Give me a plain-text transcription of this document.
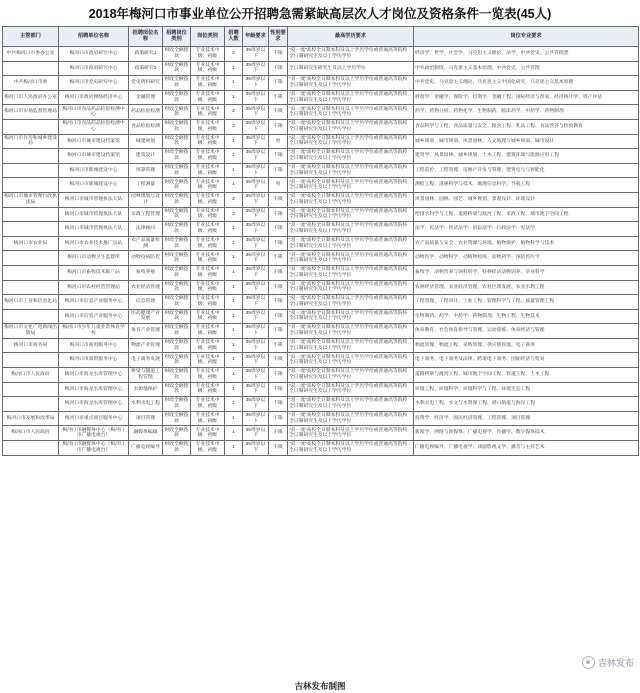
2018年梅河口市事业单位公开招聘急需紧缺高层次人才岗位及资格条件一览表(45人)
主管部门	招聘单位名称	招聘岗位名称	招聘岗位类别	岗位类别	招聘人数	年龄要求	性别要求	最高学历要求	岗位专业要求
中共梅河口市委办公室	梅河口市政府研究中心	政策研究1	财政全额拨款	专业技术中级、初级	2	35周岁以下	不限	“双一流”高校全日制本科及以上学历学位或普通高等院校全日制研究生及以上学历学位	经济学、哲学、社会学、马克思主义理论、法学、中共党史、公共管理类
	梅河口市政府研究中心	政策研究2	财政全额拨款	专业技术中级、初级	1	35周岁以下	不限	全日制研究生研究生及以上学历学位	中外政治制度、马克思主义基本原理、中共党史、公共管理
中共梅河口市委	梅河口市党史研究中心	党史资料研究	财政全额拨款	专业技术中级、初级	1	35周岁以下	不限	“双一流”高校全日制本科及以上学历学位或普通高等院校全日制研究生及以上学历学位	中共党史、马克思主义理论、马克思主义中国化研究、马克思主义基本原理
梅河口市人民政府办公室	梅河口市政府网络经济中心	金融管理	财政全额拨款	专业技术中级、初级	1	35周岁以下	不限	“双一流”高校全日制本科及以上学历学位或普通高等院校全日制研究生及以上学历学位	财政学、金融学、保险学、投资学、金融工程、国际经济与贸易、经济统计学、资产评估
梅河口市市场监督管理局	梅河口市食品药品检验检测中心	药品检验检测	财政全额拨款	专业技术中级、初级	2	35周岁以下	不限	“双一流”高校全日制本科及以上学历学位或普通高等院校全日制研究生及以上学历学位	药学、药物分析、药物化学、生物制药、临床药学、中药学、药物制剂
	梅河口市食品药品检验检测中心	食品检验检测	财政全额拨款	专业技术中级、初级	2	35周岁以下	不限	“双一流”高校全日制本科及以上学历学位或普通高等院校全日制研究生及以上学历学位	食品科学与工程、食品质量与安全、粮食工程、乳品工程、食品营养与检验教育
梅河口市住房和城乡建设局	梅河口市城市建设档案馆	城建规划	财政全额拨款	专业技术中级、初级	1	35周岁以下	男	“双一流”高校全日制本科及以上学历学位或普通高等院校全日制研究生及以上学历学位	城乡规划、城市规划、风景园林、人文地理与城乡规划、城市设计
	梅河口市城市建设档案馆	建筑设计	财政全额拨款	专业技术中级、初级	1	35周岁以下	不限	“双一流”高校全日制本科及以上学历学位或普通高等院校全日制研究生及以上学历学位	建筑学、风景园林、城乡规划、土木工程、建筑环境与能源应用工程
	梅河口市新城建设中心	预算管理	财政全额拨款	专业技术中级、初级	1	35周岁以下	不限	“双一流”高校全日制本科及以上学历学位或普通高等院校全日制研究生及以上学历学位	工程造价、工程管理、房地产开发与管理、建筑电气与智能化
	梅河口市新城建设中心	工程测量	财政全额拨款	专业技术中级、初级	1	35周岁以下	男	“双一流”高校全日制本科及以上学历学位或普通高等院校全日制研究生及以上学历学位	测绘工程、遥感科学与技术、地理信息科学、导航工程
梅河口市城市管理行政执法局	梅河口市城市管理执法大队	园林规划与设计	财政全额拨款	专业技术中级、初级	2	35周岁以下	不限	“双一流”高校全日制本科及以上学历学位或普通高等院校全日制研究生及以上学历学位	风景园林、园林、园艺、城乡规划、景观设计、环境设计
	梅河口市城市管理执法大队	市政工程管理	财政全额拨款	专业技术中级、初级	2	35周岁以下	不限	“双一流”高校全日制本科及以上学历学位或普通高等院校全日制研究生及以上学历学位	给排水科学与工程、道路桥梁与渡河工程、市政工程、城市地下空间工程
	梅河口市城市管理执法大队	法律顾问	财政全额拨款	专业技术中级、初级	1	35周岁以下	不限	“双一流”高校全日制本科及以上学历学位或普通高等院校全日制研究生及以上学历学位	法学、民法学、经济法学、诉讼法学、行政法学、宪法学
梅河口市农业局	梅河口市农业技术推广总站	农产品质量检测	财政全额拨款	专业技术中级、初级	1	35周岁以下	不限	“双一流”高校全日制本科及以上学历学位或普通高等院校全日制研究生及以上学历学位	农产品质量与安全、农业资源与环境、植物保护、植物科学与技术
	梅河口市动物卫生监督所	动物疫病防控	财政全额拨款	专业技术中级、初级	1	35周岁以下	不限	“双一流”高校全日制本科及以上学历学位或普通高等院校全日制研究生及以上学历学位	动物医学、动物科学、动植物检疫、动物药学、预防兽医学
	梅河口市畜牧技术推广站	畜牧养殖	财政全额拨款	专业技术中级、初级	1	35周岁以下	不限	“双一流”高校全日制本科及以上学历学位或普通高等院校全日制研究生及以上学历学位	畜牧学、动物营养与饲料科学、特种经济动物饲养、草业科学
	梅河口市农村经营管理站	农业经济管理	财政全额拨款	专业技术中级、初级	1	35周岁以下	不限	“双一流”高校全日制本科及以上学历学位或普通高等院校全日制研究生及以上学历学位	农林经济管理、农业经济管理、农村区域发展、农业水利工程
梅河口市工业和信息化局	梅河口市信息产业服务中心	信息管理	财政全额拨款	专业技术中级、初级	1	35周岁以下	不限	“双一流”高校全日制本科及以上学历学位或普通高等院校全日制研究生及以上学历学位	工程管理、工程审计、工业工程、管理科学与工程、质量管理工程
	梅河口市信息产业服务中心	医药健康产业发展	财政全额拨款	专业技术中级、初级	1	35周岁以下	不限	“双一流”高校全日制本科及以上学历学位或普通高等院校全日制研究生及以上学历学位	生物制药、药学、中药学、药物制剂、生物工程、生物技术
梅河口市文化广电新闻出版局	梅河口市少年儿童业余体育学校	体育产业管理	财政全额拨款	专业技术中级、初级	1	35周岁以下	不限	“双一流”高校全日制本科及以上学历学位或普通高等院校全日制研究生及以上学历学位	体育教育、社会体育指导与管理、运动训练、体育经济与管理
梅河口市商务局	梅河口市商贸服务中心	物流产业管理	财政全额拨款	专业技术中级、初级	1	35周岁以下	不限	“双一流”高校全日制本科及以上学历学位或普通高等院校全日制研究生及以上学历学位	物流管理、物流工程、采购管理、供应链管理、电子商务
	梅河口市商贸服务中心	电子商务发展	财政全额拨款	专业技术中级、初级	1	35周岁以下	不限	“双一流”高校全日制本科及以上学历学位或普通高等院校全日制研究生及以上学历学位	电子商务、电子商务及法律、跨境电子商务、国际经济与贸易
梅河口市人民政府	梅河口市海龙水库管理中心	桥梁与隧道工程管理	财政全额拨款	专业技术中级、初级	1	35周岁以下	不限	“双一流”高校全日制本科及以上学历学位或普通高等院校全日制研究生及以上学历学位	道路桥梁与渡河工程、城市地下空间工程、铁道工程、土木工程
	梅河口市海龙水库管理中心	水源地保护	财政全额拨款	专业技术中级、初级	1	35周岁以下	不限	“双一流”高校全日制本科及以上学历学位或普通高等院校全日制研究生及以上学历学位	环境工程、环境科学、环境科学与工程、环境生态工程
	梅河口市海龙水库管理中心	水利水电工程	财政全额拨款	专业技术中级、初级	1	35周岁以下	不限	“双一流”高校全日制本科及以上学历学位或普通高等院校全日制研究生及以上学历学位	水利水电工程、水文与水资源工程、港口航道与海岸工程
梅河口市发展和改革局	梅河口市重点项目服务中心	项目管理	财政全额拨款	专业技术中级、初级	1	35周岁以下	不限	“双一流”高校全日制本科及以上学历学位或普通高等院校全日制研究生及以上学历学位	投资学、经济学、国民经济管理、工程管理、项目管理
梅河口市人民政府	梅河口市融媒体中心（梅河口市广播电视台）	融媒体编辑	财政全额拨款	专业技术中级、初级	1	35周岁以下	不限	“双一流”高校全日制本科及以上学历学位或普通高等院校全日制研究生及以上学历学位	新闻学、网络与新媒体、广播电视学、传播学、数字媒体技术
	梅河口市融媒体中心（梅河口市广播电视台）	广播电视编导	财政全额拨款	专业技术中级、初级	1	35周岁以下	不限	“双一流”高校全日制本科及以上学历学位或普通高等院校全日制研究生及以上学历学位	广播电视编导、广播电视学、戏剧影视文学、播音与主持艺术
吉林发布
吉林发布制图
